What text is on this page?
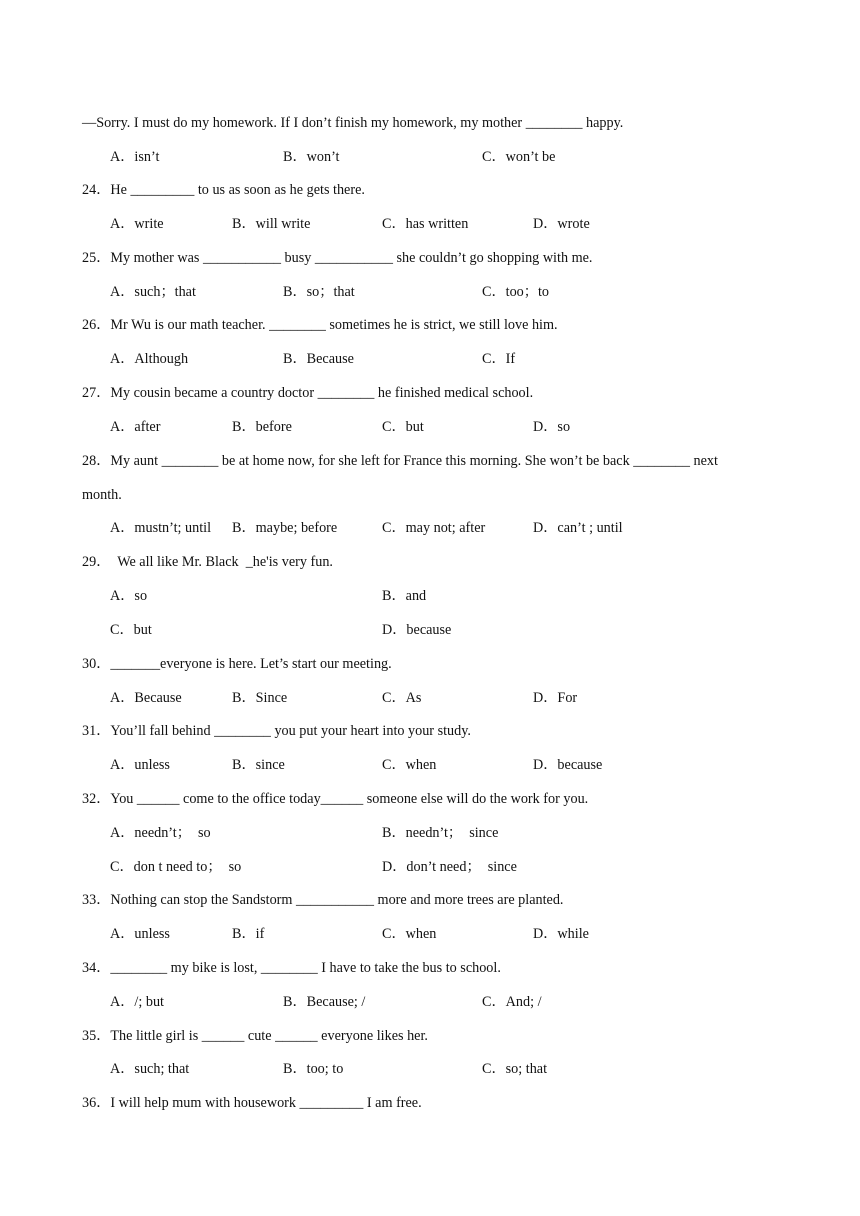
—Sorry. I must do my homework. If I don’t finish my homework, my mother ________ happy.
A．isn’t	B．won’t	C．won’t be
24．He _________ to us as soon as he gets there.
A．write	B．will write	C．has written	D．wrote
25．My mother was ___________ busy ___________ she couldn’t go shopping with me.
A．such；that	B．so；that	C．too；to
26．Mr Wu is our math teacher. ________ sometimes he is strict, we still love him.
A．Although	B．Because	C．If
27．My cousin became a country doctor ________ he finished medical school.
A．after	B．before	C．but	D．so
28．My aunt ________ be at home now, for she left for France this morning. She won’t be back ________ next
month.
A．mustn’t; until B．maybe; before	C．may not; after	D．can’t ; until
29．  We all like Mr. Black  _he'is very fun.
A．so	B．and
C．but	D．because
30．_______everyone is here. Let’s start our meeting.
A．Because	B．Since	C．As	D．For
31．You’ll fall behind ________ you put your heart into your study.
A．unless	B．since	C．when	D．because
32．You ______ come to the office today______ someone else will do the work for you.
A．needn’t；  so	B．needn’t；  since
C．don t need to；  so	D．don’t need；  since
33．Nothing can stop the Sandstorm ___________ more and more trees are planted.
A．unless	B．if	C．when	D．while
34．________ my bike is lost, ________ I have to take the bus to school.
A．/; but	B．Because; /	C．And; /
35．The little girl is ______ cute ______ everyone likes her.
A．such; that	B．too; to	C．so; that
36．I will help mum with housework _________ I am free.
